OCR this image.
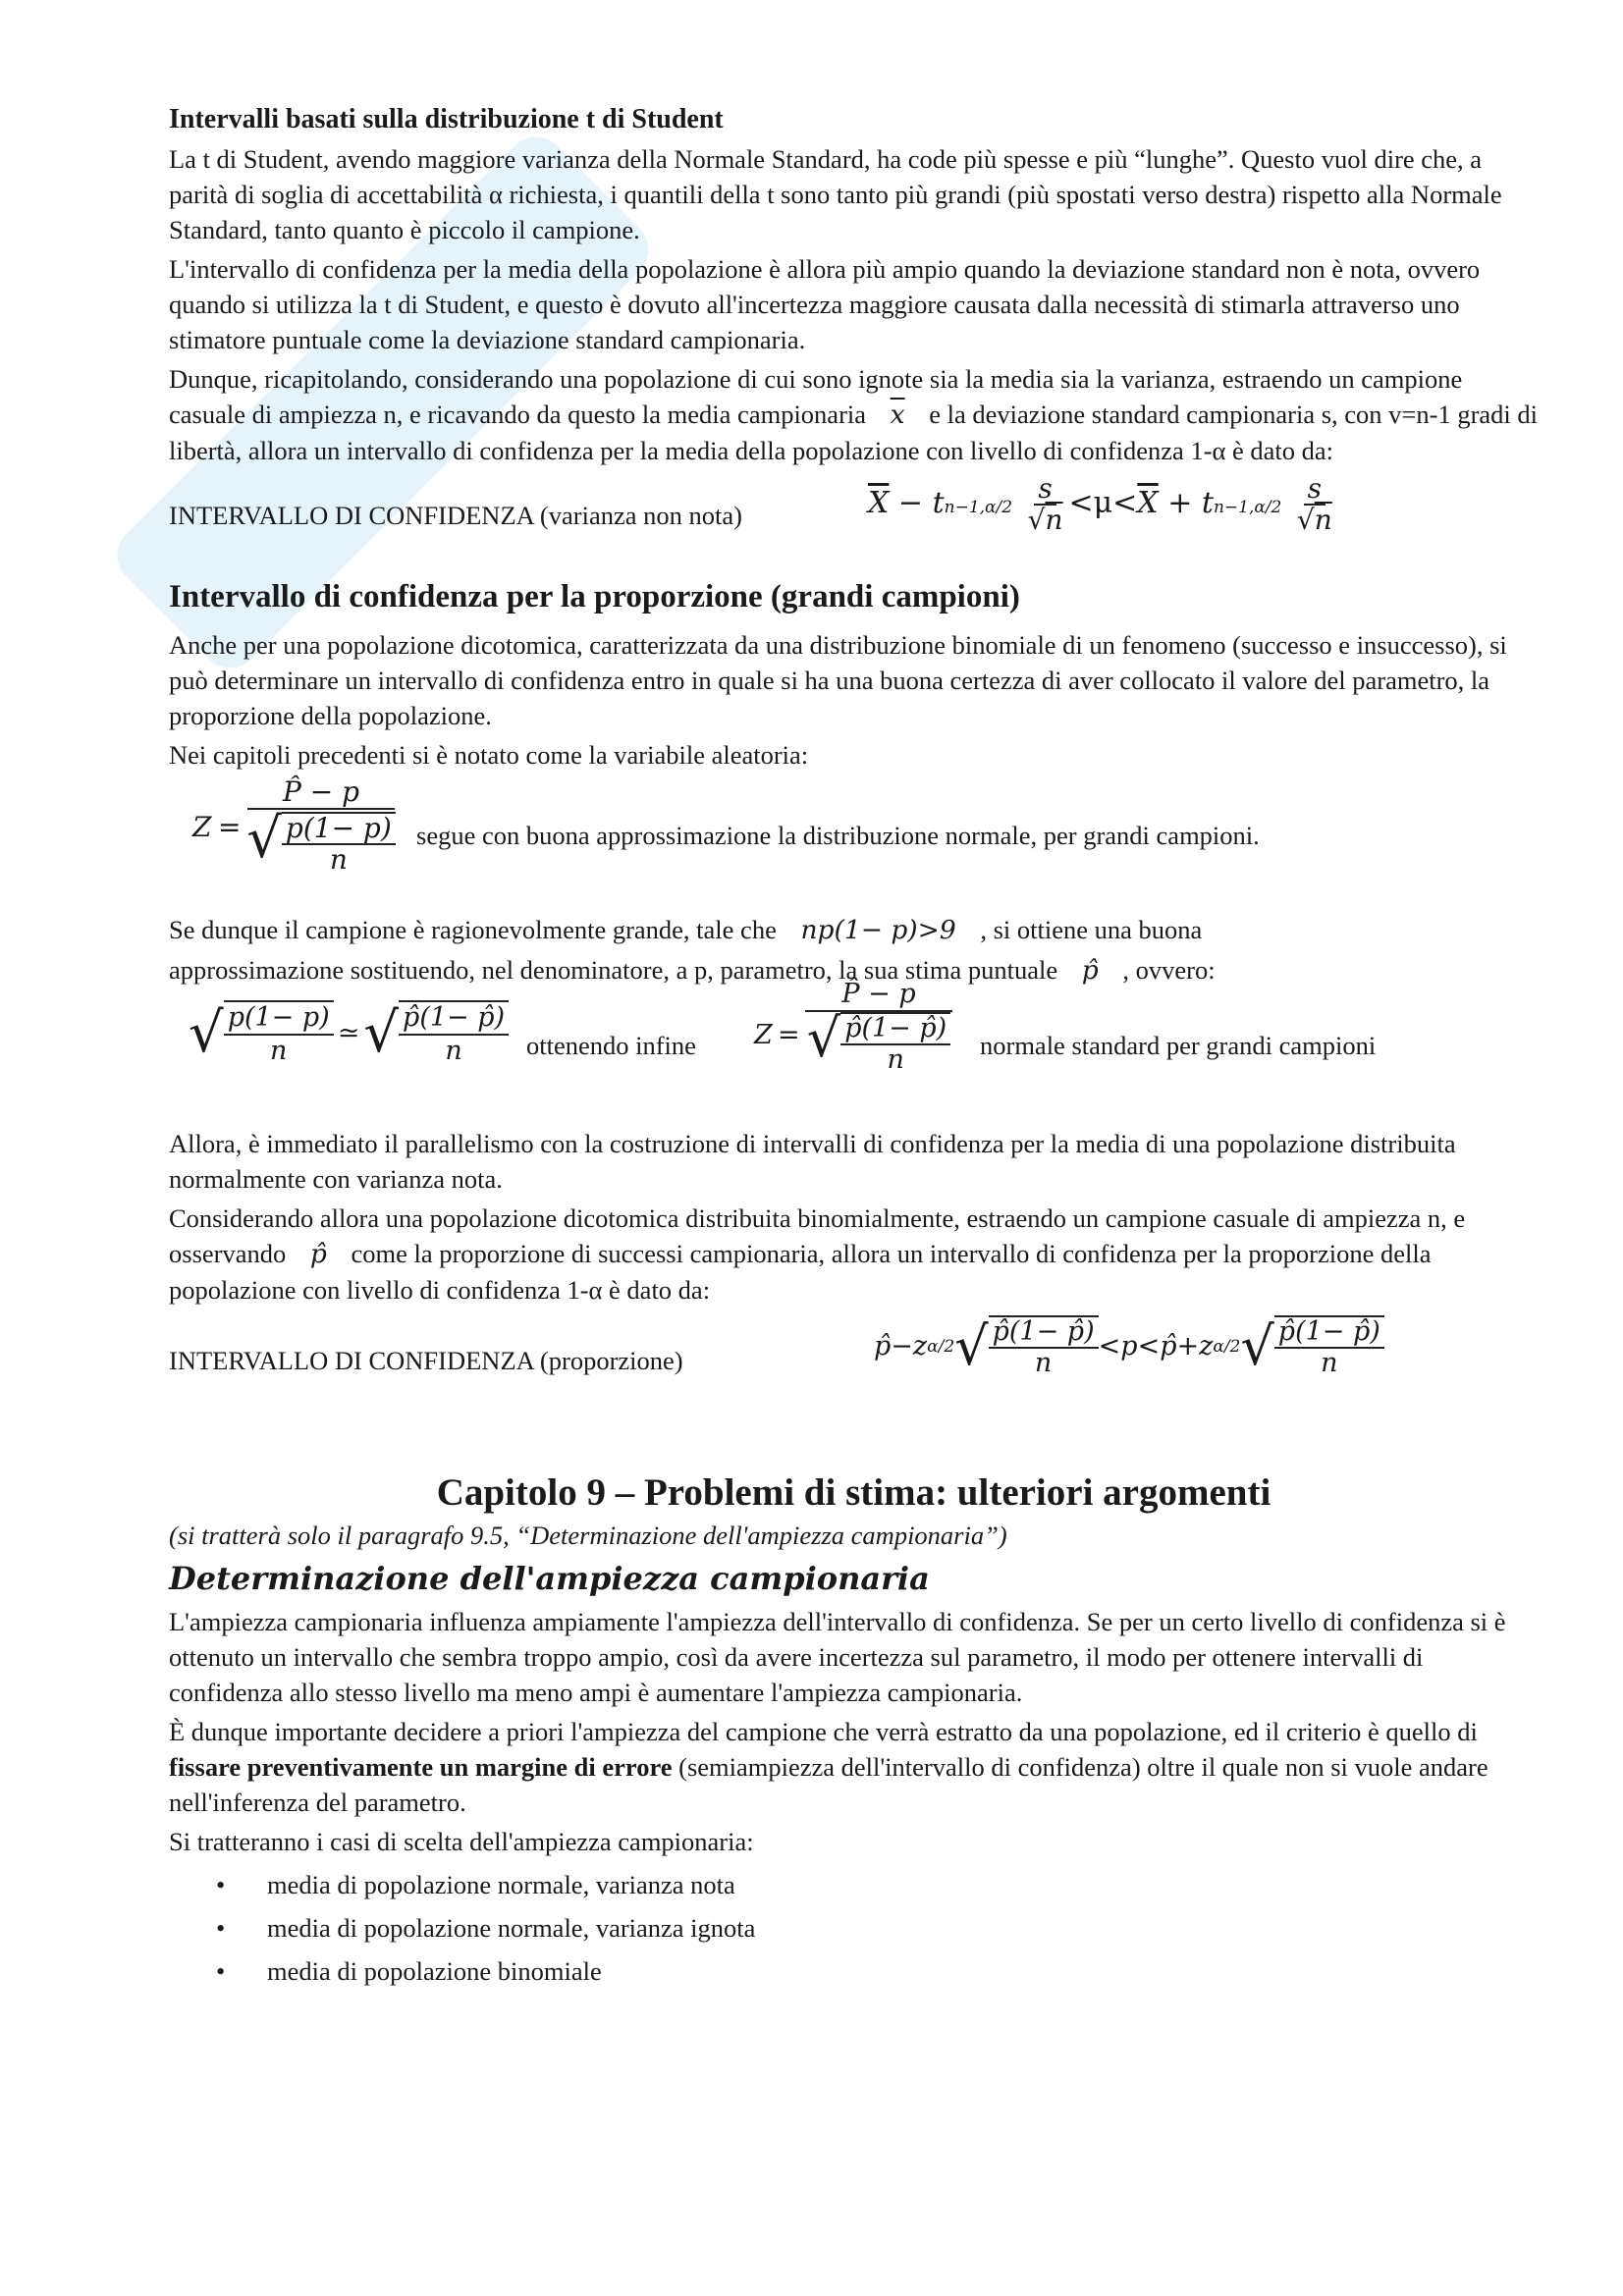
Intervalli basati sulla distribuzione t di Student

La t di Student, avendo maggiore varianza della Normale Standard, ha code più spesse e più “lunghe”. Questo vuol dire che, a parità di soglia di accettabilità α richiesta, i quantili della t sono tanto più grandi (più spostati verso destra) rispetto alla Normale Standard, tanto quanto è piccolo il campione.

L'intervallo di confidenza per la media della popolazione è allora più ampio quando la deviazione standard non è nota, ovvero quando si utilizza la t di Student, e questo è dovuto all'incertezza maggiore causata dalla necessità di stimarla attraverso uno stimatore puntuale come la deviazione standard campionaria.

Dunque, ricapitolando, considerando una popolazione di cui sono ignote sia la media sia la varianza, estraendo un campione casuale di ampiezza n, e ricavando da questo la media campionaria $\overline{x}$ e la deviazione standard campionaria s, con v=n-1 gradi di libertà, allora un intervallo di confidenza per la media della popolazione con livello di confidenza 1-α è dato da:

INTERVALLO DI CONFIDENZA (varianza non nota)	$\overline{X} - tn-1,\alpha/2 \frac{s}{√n} <\mu<\overline{X} + tn-1,\alpha/2 \frac{s}{√n}$
Intervallo di confidenza per la proporzione (grandi campioni)

Anche per una popolazione dicotomica, caratterizzata da una distribuzione binomiale di un fenomeno (successo e insuccesso), si può determinare un intervallo di confidenza entro in quale si ha una buona certezza di aver collocato il valore del parametro, la proporzione della popolazione.

Nei capitoli precedenti si è notato come la variabile aleatoria:

Z =
P̂ − p
√ p(1− p)
n
segue con buona approssimazione la distribuzione normale, per grandi campioni.

Se dunque il campione è ragionevolmente grande, tale che np(1− p)>9 , si ottiene una buona

approssimazione sostituendo, nel denominatore, a p, parametro, la sua stima puntuale p̂ , ovvero:

√ p(1− p)
n
≃ √ p̂(1− p̂)
n ottenendo infine Z =
P̂ − p
√ p̂(1− p̂)
n	normale standard per grandi campioni

Allora, è immediato il parallelismo con la costruzione di intervalli di confidenza per la media di una popolazione distribuita normalmente con varianza nota.

Considerando allora una popolazione dicotomica distribuita binomialmente, estraendo un campione casuale di ampiezza n, e osservando p̂ come la proporzione di successi campionaria, allora un intervallo di confidenza per la proporzione della popolazione con livello di confidenza 1-α è dato da:

INTERVALLO DI CONFIDENZA (proporzione)	p̂ − z α/2 √ p̂(1− p̂)
n
< p < p̂ + z α/2 √ p̂(1− p̂)
n
Capitolo 9 – Problemi di stima: ulteriori argomenti

(si tratterà solo il paragrafo 9.5, “Determinazione dell'ampiezza campionaria”)

Determinazione dell'ampiezza campionaria

L'ampiezza campionaria influenza ampiamente l'ampiezza dell'intervallo di confidenza. Se per un certo livello di confidenza si è ottenuto un intervallo che sembra troppo ampio, così da avere incertezza sul parametro, il modo per ottenere intervalli di confidenza allo stesso livello ma meno ampi è aumentare l'ampiezza campionaria.

È dunque importante decidere a priori l'ampiezza del campione che verrà estratto da una popolazione, ed il criterio è quello di fissare preventivamente un margine di errore (semiampiezza dell'intervallo di confidenza) oltre il quale non si vuole andare nell'inferenza del parametro.

Si tratteranno i casi di scelta dell'ampiezza campionaria:

•	media di popolazione normale, varianza nota
•	media di popolazione normale, varianza ignota
•	media di popolazione binomiale
